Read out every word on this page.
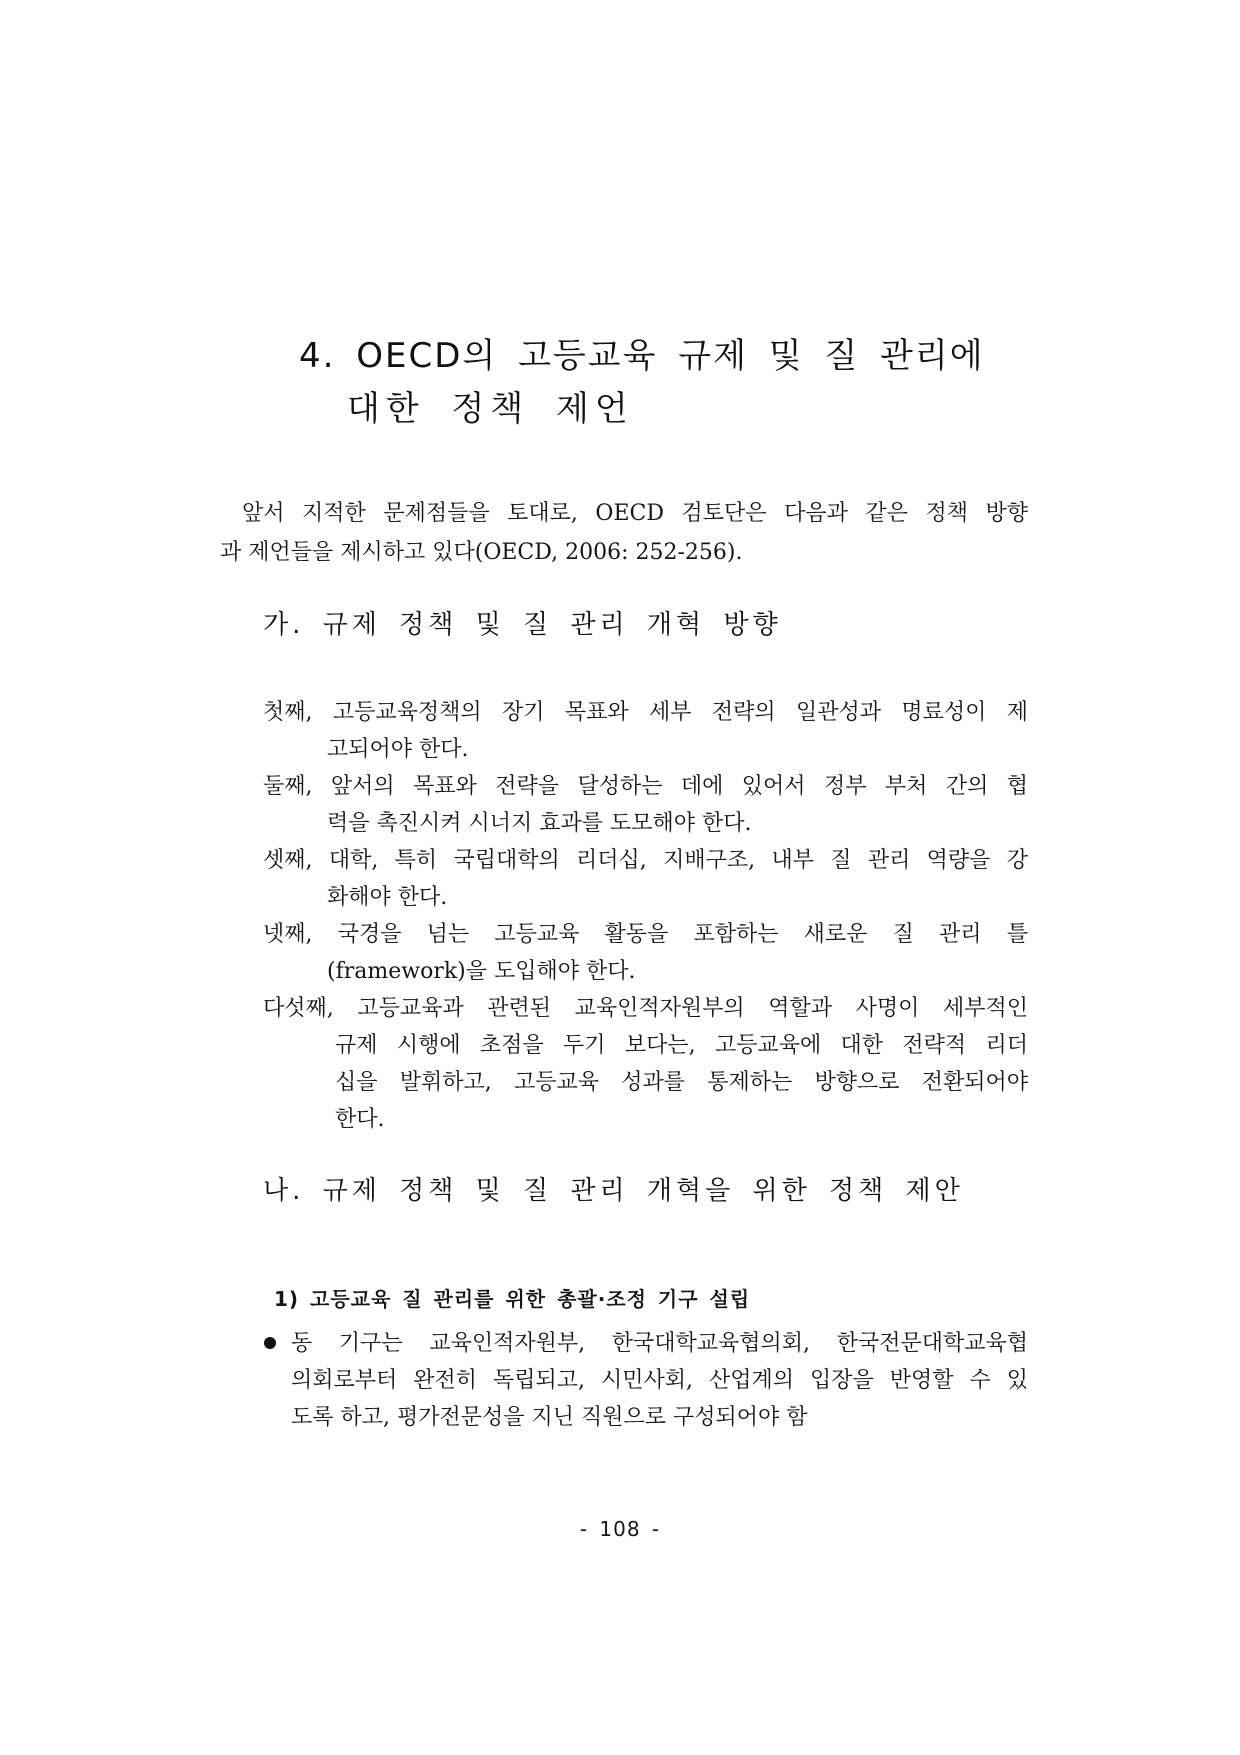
4. OECD의 고등교육 규제 및 질 관리에
대한 정책 제언
앞서 지적한 문제점들을 토대로, OECD 검토단은 다음과 같은 정책 방향
과 제언들을 제시하고 있다(OECD, 2006: 252-256).
가. 규제 정책 및 질 관리 개혁 방향
첫째, 고등교육정책의 장기 목표와 세부 전략의 일관성과 명료성이 제
고되어야 한다.
둘째, 앞서의 목표와 전략을 달성하는 데에 있어서 정부 부처 간의 협
력을 촉진시켜 시너지 효과를 도모해야 한다.
셋째, 대학, 특히 국립대학의 리더십, 지배구조, 내부 질 관리 역량을 강
화해야 한다.
넷째, 국경을 넘는 고등교육 활동을 포함하는 새로운 질 관리 틀
(framework)을 도입해야 한다.
다섯째, 고등교육과 관련된 교육인적자원부의 역할과 사명이 세부적인
규제 시행에 초점을 두기 보다는, 고등교육에 대한 전략적 리더
십을 발휘하고, 고등교육 성과를 통제하는 방향으로 전환되어야
한다.
나. 규제 정책 및 질 관리 개혁을 위한 정책 제안
1) 고등교육 질 관리를 위한 총괄·조정 기구 설립
동 기구는 교육인적자원부, 한국대학교육협의회, 한국전문대학교육협
의회로부터 완전히 독립되고, 시민사회, 산업계의 입장을 반영할 수 있
도록 하고, 평가전문성을 지닌 직원으로 구성되어야 함
- 108 -
